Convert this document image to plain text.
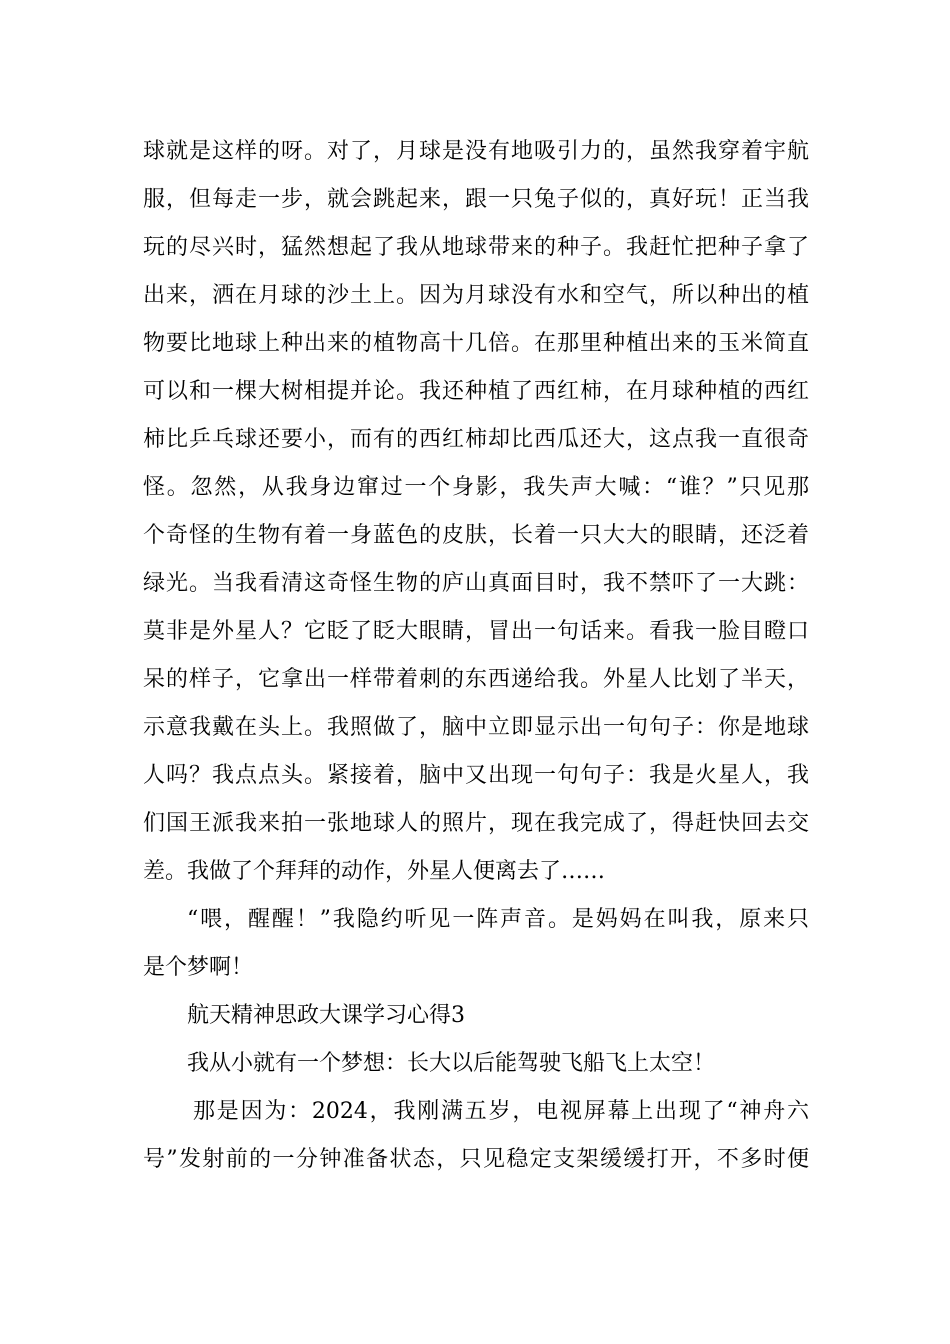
球就是这样的呀。对了，月球是没有地吸引力的，虽然我穿着宇航
服，但每走一步，就会跳起来，跟一只兔子似的，真好玩！正当我
玩的尽兴时，猛然想起了我从地球带来的种子。我赶忙把种子拿了
出来，洒在月球的沙土上。因为月球没有水和空气，所以种出的植
物要比地球上种出来的植物高十几倍。在那里种植出来的玉米简直
可以和一棵大树相提并论。我还种植了西红柿，在月球种植的西红
柿比乒乓球还要小，而有的西红柿却比西瓜还大，这点我一直很奇
怪。忽然，从我身边窜过一个身影，我失声大喊：“谁？”只见那
个奇怪的生物有着一身蓝色的皮肤，长着一只大大的眼睛，还泛着
绿光。当我看清这奇怪生物的庐山真面目时，我不禁吓了一大跳：
莫非是外星人？它眨了眨大眼睛，冒出一句话来。看我一脸目瞪口
呆的样子，它拿出一样带着刺的东西递给我。外星人比划了半天，
示意我戴在头上。我照做了，脑中立即显示出一句句子：你是地球
人吗？我点点头。紧接着，脑中又出现一句句子：我是火星人，我
们国王派我来拍一张地球人的照片，现在我完成了，得赶快回去交
差。我做了个拜拜的动作，外星人便离去了……
“喂，醒醒！”我隐约听见一阵声音。是妈妈在叫我，原来只
是个梦啊！
航天精神思政大课学习心得3
我从小就有一个梦想：长大以后能驾驶飞船飞上太空！
那是因为：2024，我刚满五岁，电视屏幕上出现了“神舟六
号”发射前的一分钟准备状态，只见稳定支架缓缓打开，不多时便
